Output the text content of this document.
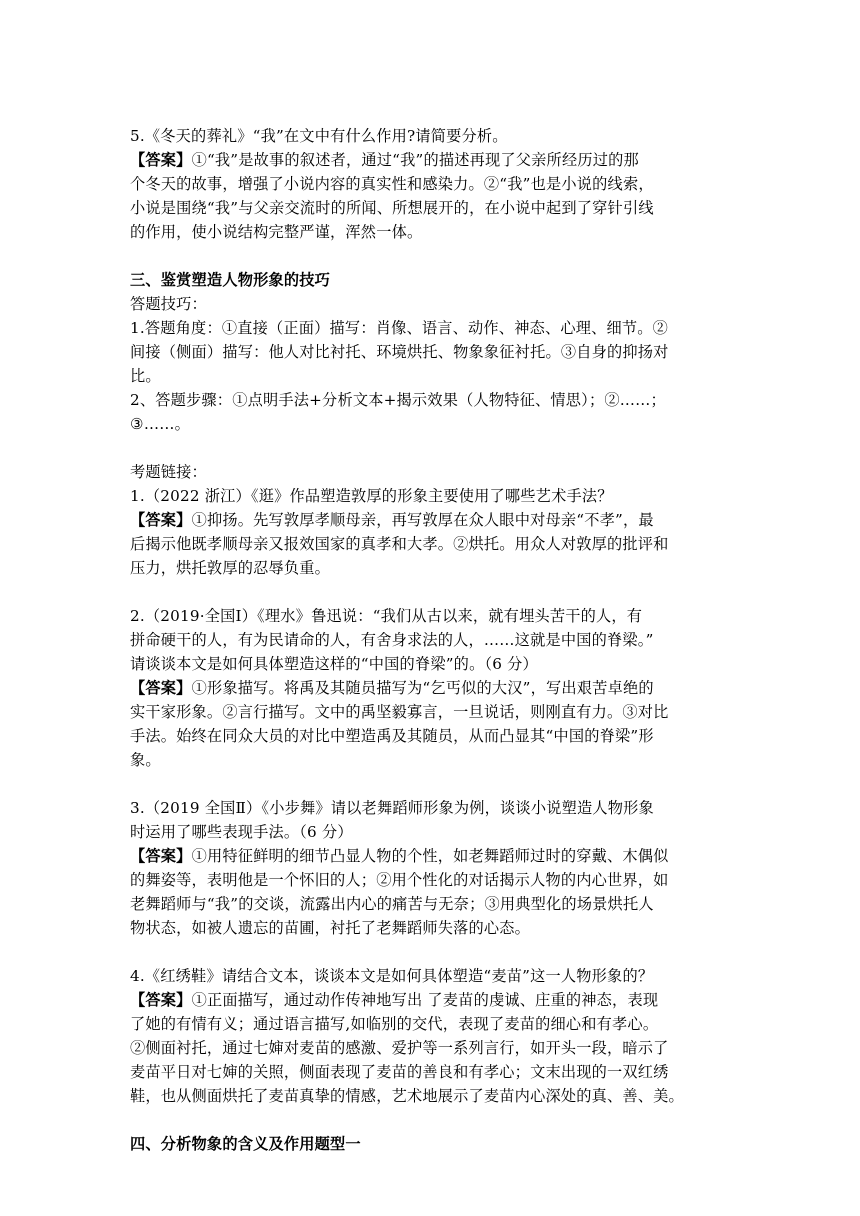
5.《冬天的葬礼》“我”在文中有什么作用?请简要分析。
【答案】①“我”是故事的叙述者，通过“我”的描述再现了父亲所经历过的那
个冬天的故事，增强了小说内容的真实性和感染力。②“我”也是小说的线索，
小说是围绕“我”与父亲交流时的所闻、所想展开的，在小说中起到了穿针引线
的作用，使小说结构完整严谨，浑然一体。
三、鉴赏塑造人物形象的技巧
答题技巧：
1.答题角度：①直接（正面）描写：肖像、语言、动作、神态、心理、细节。②
间接（侧面）描写：他人对比衬托、环境烘托、物象象征衬托。③自身的抑扬对
比。
2、答题步骤：①点明手法+分析文本+揭示效果（人物特征、情思）；②……；
③……。
考题链接：
1.（2022 浙江）《逛》作品塑造敦厚的形象主要使用了哪些艺术手法？
【答案】①抑扬。先写敦厚孝顺母亲，再写敦厚在众人眼中对母亲“不孝”，最
后揭示他既孝顺母亲又报效国家的真孝和大孝。②烘托。用众人对敦厚的批评和
压力，烘托敦厚的忍辱负重。
2.（2019·全国Ⅰ）《理水》鲁迅说：“我们从古以来，就有埋头苦干的人，有
拼命硬干的人，有为民请命的人，有舍身求法的人，……这就是中国的脊梁。”
请谈谈本文是如何具体塑造这样的“中国的脊梁”的。（6 分）
【答案】①形象描写。将禹及其随员描写为“乞丐似的大汉”，写出艰苦卓绝的
实干家形象。②言行描写。文中的禹坚毅寡言，一旦说话，则刚直有力。③对比
手法。始终在同众大员的对比中塑造禹及其随员，从而凸显其“中国的脊梁”形
象。
3.（2019 全国Ⅱ）《小步舞》请以老舞蹈师形象为例，谈谈小说塑造人物形象
时运用了哪些表现手法。（6 分）
【答案】①用特征鲜明的细节凸显人物的个性，如老舞蹈师过时的穿戴、木偶似
的舞姿等，表明他是一个怀旧的人；②用个性化的对话揭示人物的内心世界，如
老舞蹈师与“我”的交谈，流露出内心的痛苦与无奈；③用典型化的场景烘托人
物状态，如被人遗忘的苗圃，衬托了老舞蹈师失落的心态。
4.《红绣鞋》请结合文本，谈谈本文是如何具体塑造“麦苗”这一人物形象的？
【答案】①正面描写，通过动作传神地写出 了麦苗的虔诚、庄重的神态，表现
了她的有情有义；通过语言描写,如临别的交代，表现了麦苗的细心和有孝心。
②侧面衬托，通过七婶对麦苗的感激、爱护等一系列言行，如开头一段，暗示了
麦苗平日对七婶的关照，侧面表现了麦苗的善良和有孝心；文末出现的一双红绣
鞋，也从侧面烘托了麦苗真挚的情感，艺术地展示了麦苗内心深处的真、善、美。
四、分析物象的含义及作用题型一
